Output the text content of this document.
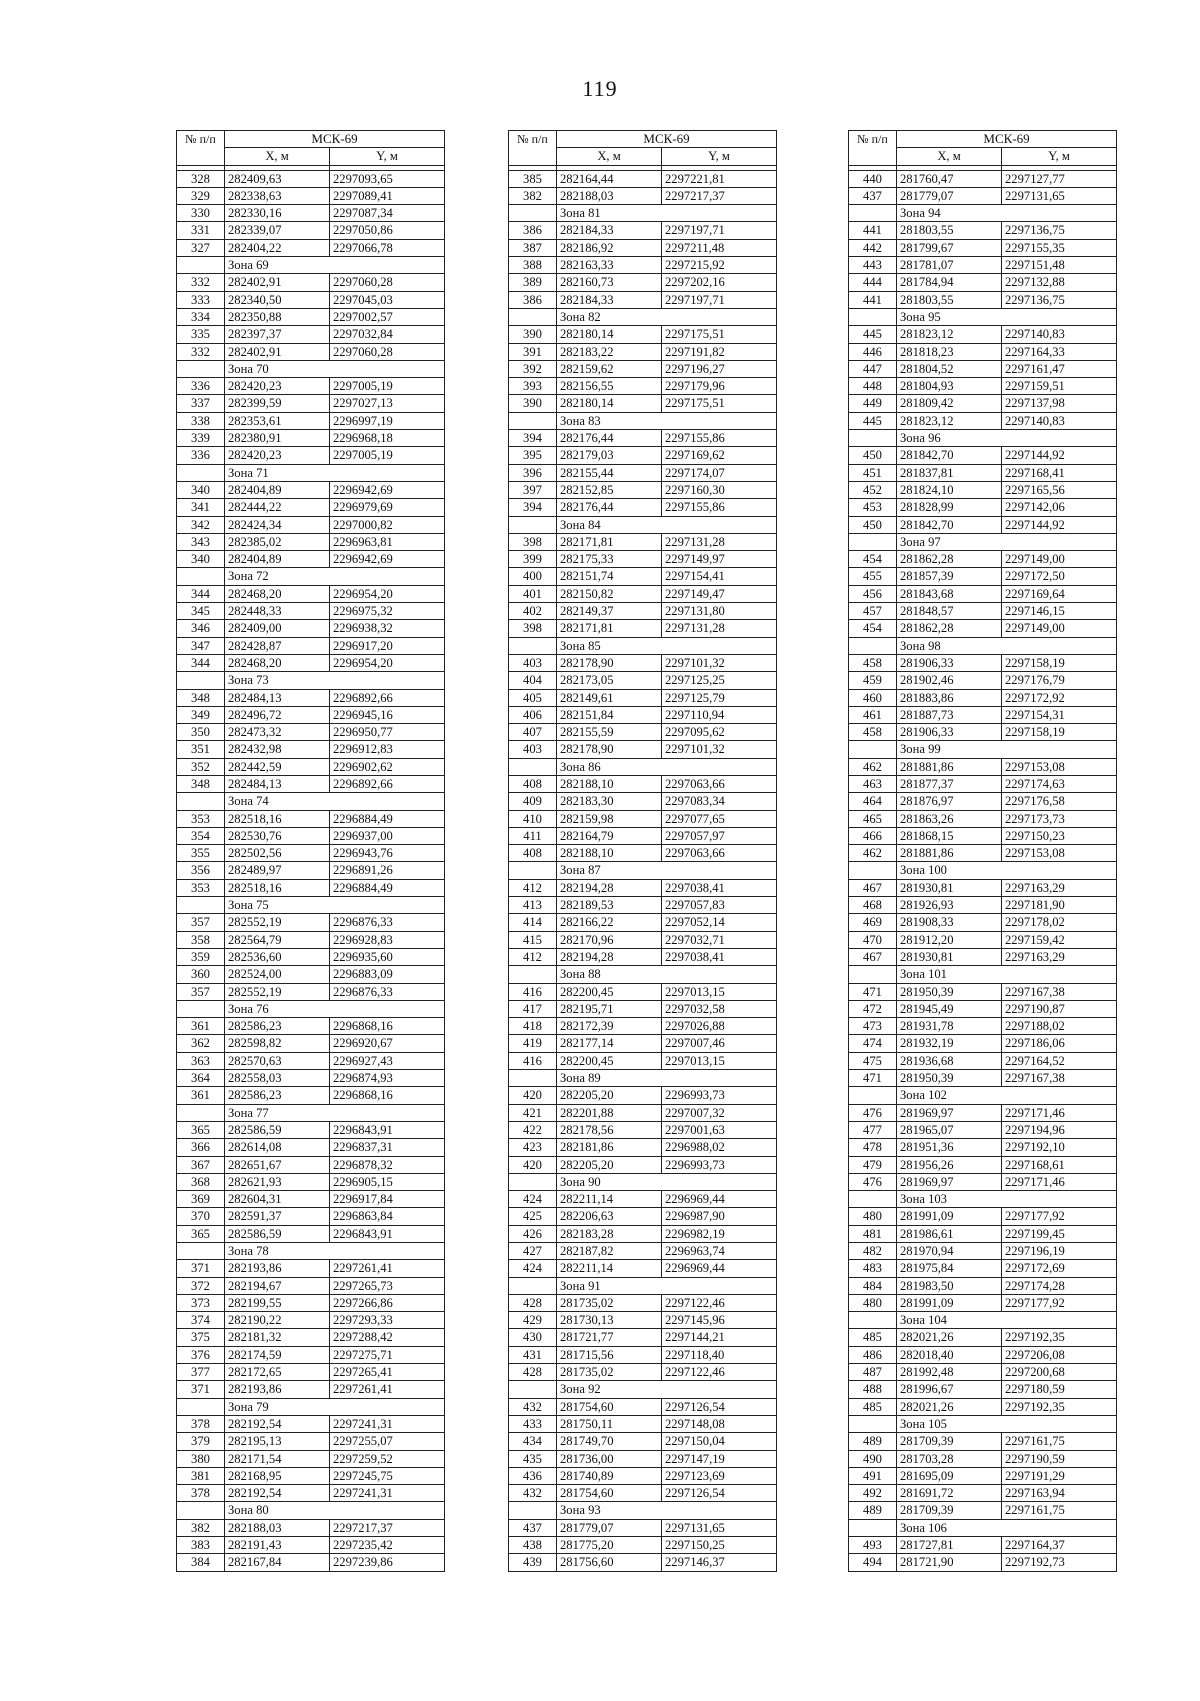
119
№ п/п	МСК-69	
	X, м	Y, м

328	282409,63	2297093,65
329	282338,63	2297089,41
330	282330,16	2297087,34
331	282339,07	2297050,86
327	282404,22	2297066,78
	Зона 69	
332	282402,91	2297060,28
333	282340,50	2297045,03
334	282350,88	2297002,57
335	282397,37	2297032,84
332	282402,91	2297060,28
	Зона 70	
336	282420,23	2297005,19
337	282399,59	2297027,13
338	282353,61	2296997,19
339	282380,91	2296968,18
336	282420,23	2297005,19
	Зона 71	
340	282404,89	2296942,69
341	282444,22	2296979,69
342	282424,34	2297000,82
343	282385,02	2296963,81
340	282404,89	2296942,69
	Зона 72	
344	282468,20	2296954,20
345	282448,33	2296975,32
346	282409,00	2296938,32
347	282428,87	2296917,20
344	282468,20	2296954,20
	Зона 73	
348	282484,13	2296892,66
349	282496,72	2296945,16
350	282473,32	2296950,77
351	282432,98	2296912,83
352	282442,59	2296902,62
348	282484,13	2296892,66
	Зона 74	
353	282518,16	2296884,49
354	282530,76	2296937,00
355	282502,56	2296943,76
356	282489,97	2296891,26
353	282518,16	2296884,49
	Зона 75	
357	282552,19	2296876,33
358	282564,79	2296928,83
359	282536,60	2296935,60
360	282524,00	2296883,09
357	282552,19	2296876,33
	Зона 76	
361	282586,23	2296868,16
362	282598,82	2296920,67
363	282570,63	2296927,43
364	282558,03	2296874,93
361	282586,23	2296868,16
	Зона 77	
365	282586,59	2296843,91
366	282614,08	2296837,31
367	282651,67	2296878,32
368	282621,93	2296905,15
369	282604,31	2296917,84
370	282591,37	2296863,84
365	282586,59	2296843,91
	Зона 78	
371	282193,86	2297261,41
372	282194,67	2297265,73
373	282199,55	2297266,86
374	282190,22	2297293,33
375	282181,32	2297288,42
376	282174,59	2297275,71
377	282172,65	2297265,41
371	282193,86	2297261,41
	Зона 79	
378	282192,54	2297241,31
379	282195,13	2297255,07
380	282171,54	2297259,52
381	282168,95	2297245,75
378	282192,54	2297241,31
	Зона 80	
382	282188,03	2297217,37
383	282191,43	2297235,42
384	282167,84	2297239,86
№ п/п	МСК-69	
	X, м	Y, м

385	282164,44	2297221,81
382	282188,03	2297217,37
	Зона 81	
386	282184,33	2297197,71
387	282186,92	2297211,48
388	282163,33	2297215,92
389	282160,73	2297202,16
386	282184,33	2297197,71
	Зона 82	
390	282180,14	2297175,51
391	282183,22	2297191,82
392	282159,62	2297196,27
393	282156,55	2297179,96
390	282180,14	2297175,51
	Зона 83	
394	282176,44	2297155,86
395	282179,03	2297169,62
396	282155,44	2297174,07
397	282152,85	2297160,30
394	282176,44	2297155,86
	Зона 84	
398	282171,81	2297131,28
399	282175,33	2297149,97
400	282151,74	2297154,41
401	282150,82	2297149,47
402	282149,37	2297131,80
398	282171,81	2297131,28
	Зона 85	
403	282178,90	2297101,32
404	282173,05	2297125,25
405	282149,61	2297125,79
406	282151,84	2297110,94
407	282155,59	2297095,62
403	282178,90	2297101,32
	Зона 86	
408	282188,10	2297063,66
409	282183,30	2297083,34
410	282159,98	2297077,65
411	282164,79	2297057,97
408	282188,10	2297063,66
	Зона 87	
412	282194,28	2297038,41
413	282189,53	2297057,83
414	282166,22	2297052,14
415	282170,96	2297032,71
412	282194,28	2297038,41
	Зона 88	
416	282200,45	2297013,15
417	282195,71	2297032,58
418	282172,39	2297026,88
419	282177,14	2297007,46
416	282200,45	2297013,15
	Зона 89	
420	282205,20	2296993,73
421	282201,88	2297007,32
422	282178,56	2297001,63
423	282181,86	2296988,02
420	282205,20	2296993,73
	Зона 90	
424	282211,14	2296969,44
425	282206,63	2296987,90
426	282183,28	2296982,19
427	282187,82	2296963,74
424	282211,14	2296969,44
	Зона 91	
428	281735,02	2297122,46
429	281730,13	2297145,96
430	281721,77	2297144,21
431	281715,56	2297118,40
428	281735,02	2297122,46
	Зона 92	
432	281754,60	2297126,54
433	281750,11	2297148,08
434	281749,70	2297150,04
435	281736,00	2297147,19
436	281740,89	2297123,69
432	281754,60	2297126,54
	Зона 93	
437	281779,07	2297131,65
438	281775,20	2297150,25
439	281756,60	2297146,37
№ п/п	МСК-69	
	X, м	Y, м

440	281760,47	2297127,77
437	281779,07	2297131,65
	Зона 94	
441	281803,55	2297136,75
442	281799,67	2297155,35
443	281781,07	2297151,48
444	281784,94	2297132,88
441	281803,55	2297136,75
	Зона 95	
445	281823,12	2297140,83
446	281818,23	2297164,33
447	281804,52	2297161,47
448	281804,93	2297159,51
449	281809,42	2297137,98
445	281823,12	2297140,83
	Зона 96	
450	281842,70	2297144,92
451	281837,81	2297168,41
452	281824,10	2297165,56
453	281828,99	2297142,06
450	281842,70	2297144,92
	Зона 97	
454	281862,28	2297149,00
455	281857,39	2297172,50
456	281843,68	2297169,64
457	281848,57	2297146,15
454	281862,28	2297149,00
	Зона 98	
458	281906,33	2297158,19
459	281902,46	2297176,79
460	281883,86	2297172,92
461	281887,73	2297154,31
458	281906,33	2297158,19
	Зона 99	
462	281881,86	2297153,08
463	281877,37	2297174,63
464	281876,97	2297176,58
465	281863,26	2297173,73
466	281868,15	2297150,23
462	281881,86	2297153,08
	Зона 100	
467	281930,81	2297163,29
468	281926,93	2297181,90
469	281908,33	2297178,02
470	281912,20	2297159,42
467	281930,81	2297163,29
	Зона 101	
471	281950,39	2297167,38
472	281945,49	2297190,87
473	281931,78	2297188,02
474	281932,19	2297186,06
475	281936,68	2297164,52
471	281950,39	2297167,38
	Зона 102	
476	281969,97	2297171,46
477	281965,07	2297194,96
478	281951,36	2297192,10
479	281956,26	2297168,61
476	281969,97	2297171,46
	Зона 103	
480	281991,09	2297177,92
481	281986,61	2297199,45
482	281970,94	2297196,19
483	281975,84	2297172,69
484	281983,50	2297174,28
480	281991,09	2297177,92
	Зона 104	
485	282021,26	2297192,35
486	282018,40	2297206,08
487	281992,48	2297200,68
488	281996,67	2297180,59
485	282021,26	2297192,35
	Зона 105	
489	281709,39	2297161,75
490	281703,28	2297190,59
491	281695,09	2297191,29
492	281691,72	2297163,94
489	281709,39	2297161,75
	Зона 106	
493	281727,81	2297164,37
494	281721,90	2297192,73
